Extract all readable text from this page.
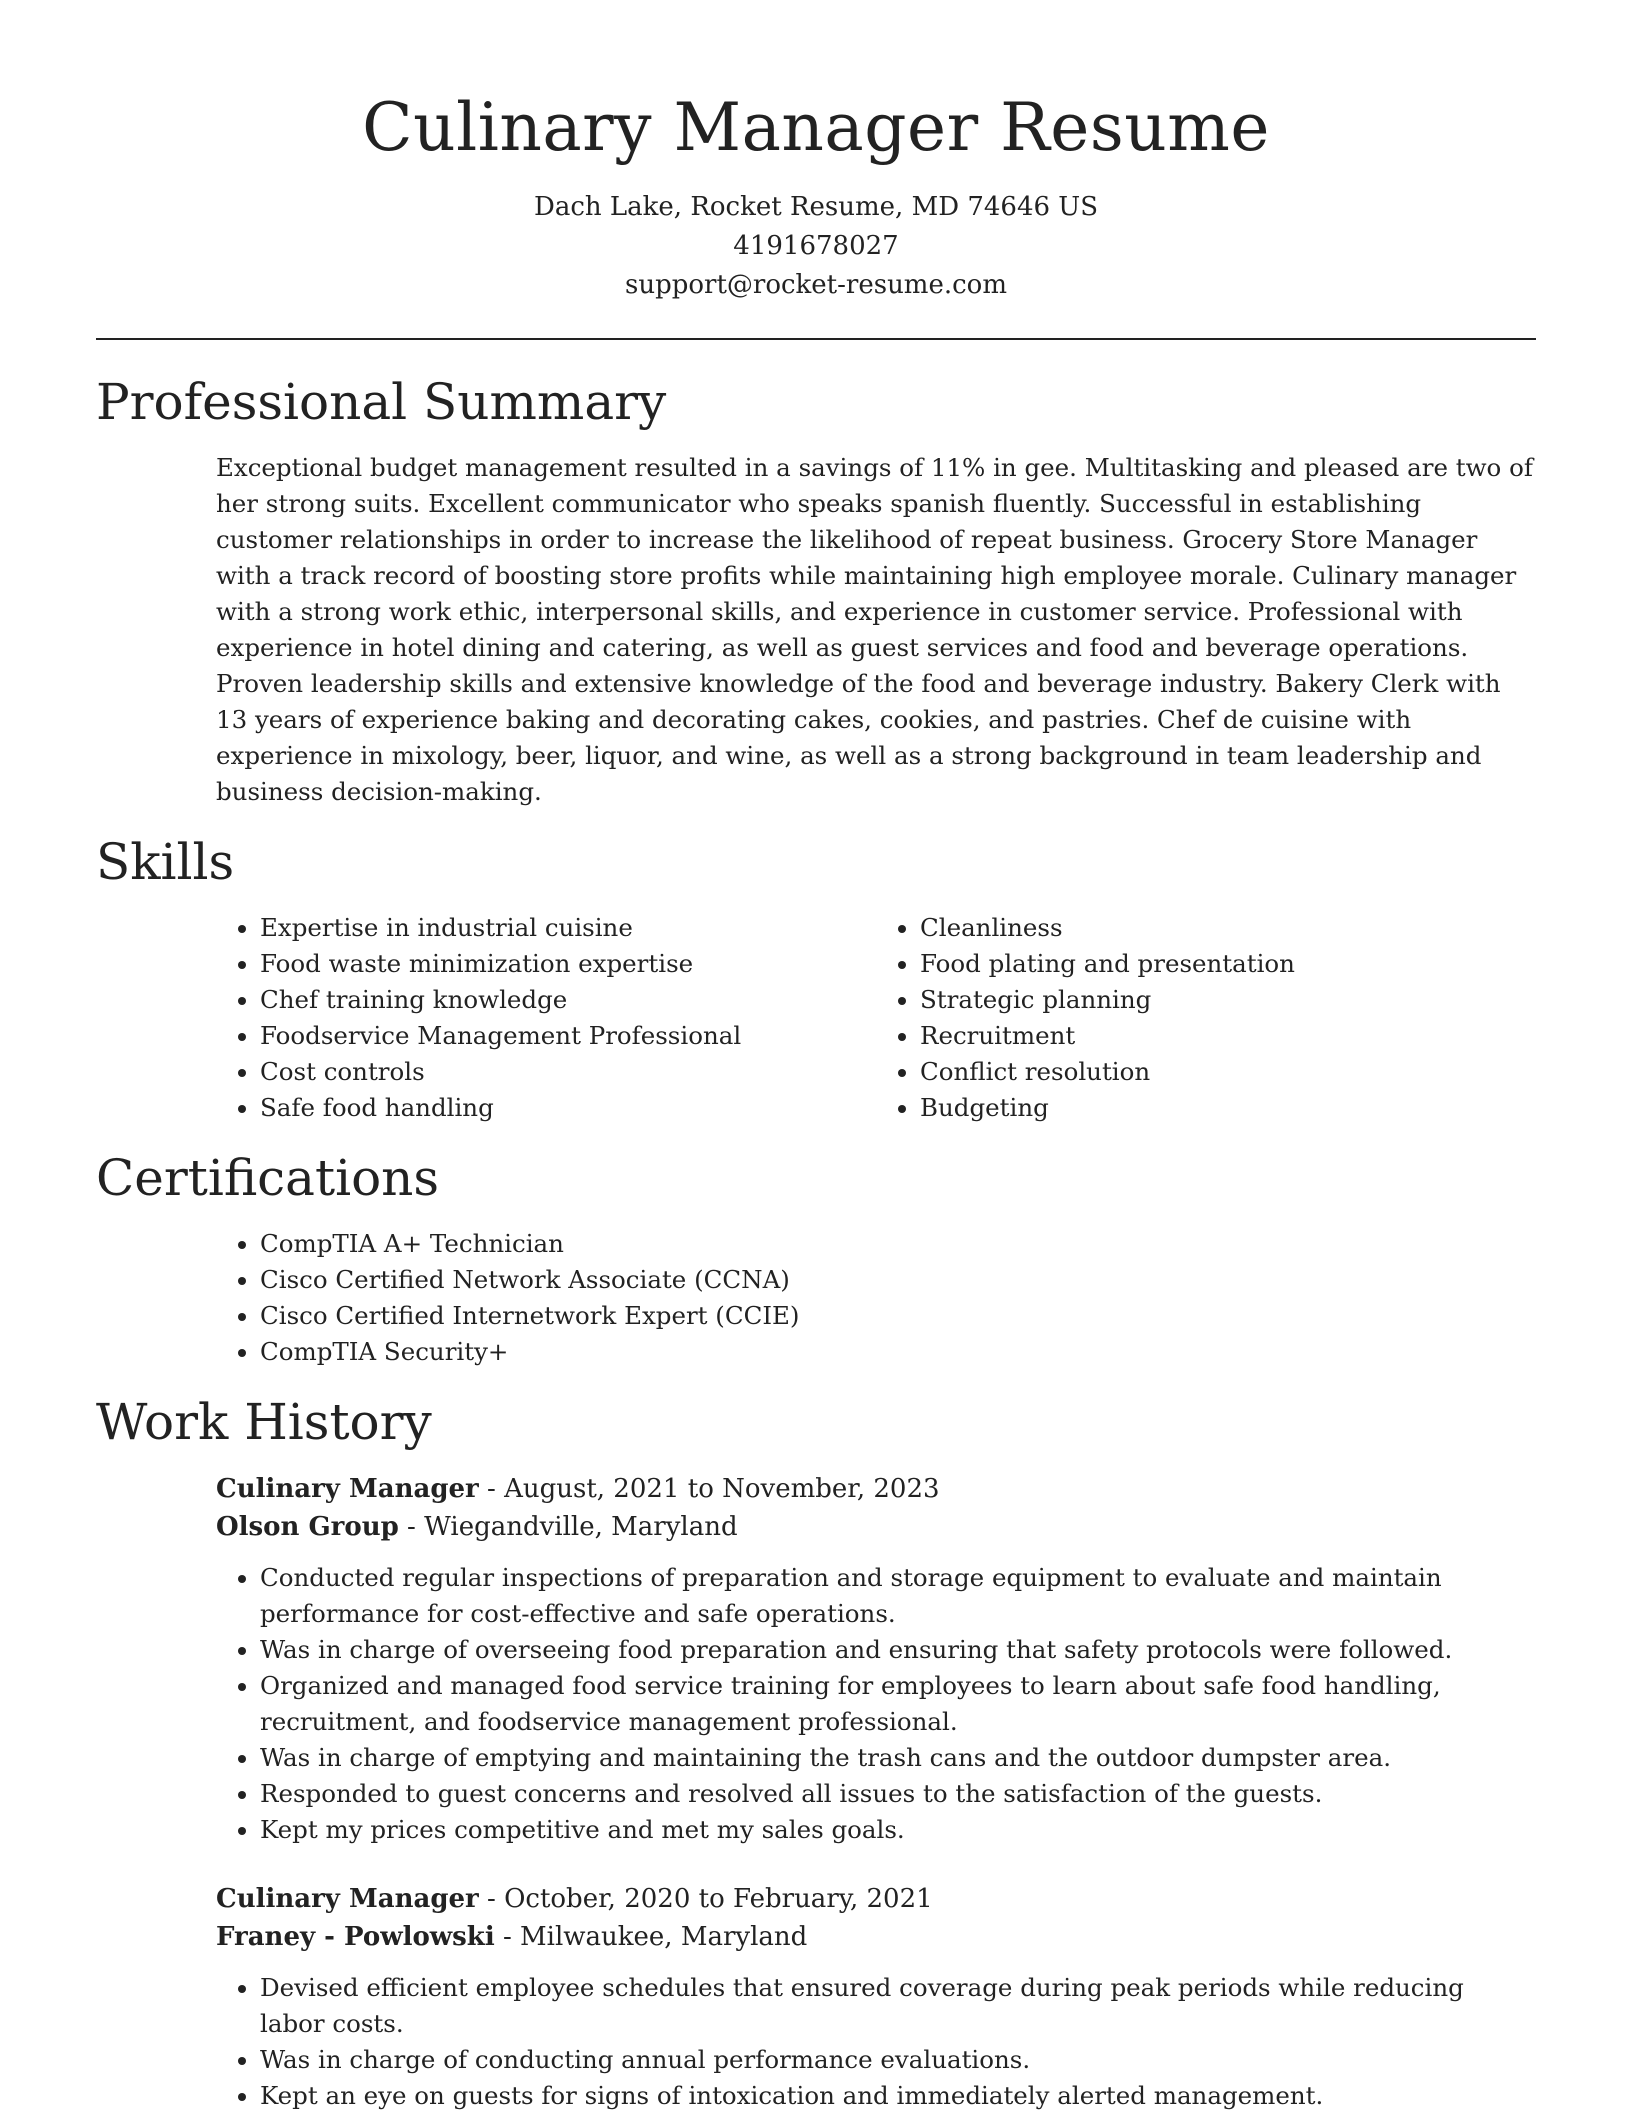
Culinary Manager Resume
Dach Lake, Rocket Resume, MD 74646 US
4191678027
support@rocket-resume.com
Professional Summary

Exceptional budget management resulted in a savings of 11% in gee. Multitasking and pleased are two of her strong suits. Excellent communicator who speaks spanish fluently. Successful in establishing customer relationships in order to increase the likelihood of repeat business. Grocery Store Manager with a track record of boosting store profits while maintaining high employee morale. Culinary manager with a strong work ethic, interpersonal skills, and experience in customer service. Professional with experience in hotel dining and catering, as well as guest services and food and beverage operations. Proven leadership skills and extensive knowledge of the food and beverage industry. Bakery Clerk with 13 years of experience baking and decorating cakes, cookies, and pastries. Chef de cuisine with experience in mixology, beer, liquor, and wine, as well as a strong background in team leadership and business decision-making.

Skills
• Expertise in industrial cuisine
• Food waste minimization expertise
• Chef training knowledge
• Foodservice Management Professional
• Cost controls
• Safe food handling
• Cleanliness
• Food plating and presentation
• Strategic planning
• Recruitment
• Conflict resolution
• Budgeting
Certifications
• CompTIA A+ Technician
• Cisco Certified Network Associate (CCNA)
• Cisco Certified Internetwork Expert (CCIE)
• CompTIA Security+
Work History
Culinary Manager - August, 2021 to November, 2023
Olson Group - Wiegandville, Maryland
• Conducted regular inspections of preparation and storage equipment to evaluate and maintain performance for cost-effective and safe operations.
• Was in charge of overseeing food preparation and ensuring that safety protocols were followed.
• Organized and managed food service training for employees to learn about safe food handling, recruitment, and foodservice management professional.
• Was in charge of emptying and maintaining the trash cans and the outdoor dumpster area.
• Responded to guest concerns and resolved all issues to the satisfaction of the guests.
• Kept my prices competitive and met my sales goals.
Culinary Manager - October, 2020 to February, 2021
Franey - Powlowski - Milwaukee, Maryland
• Devised efficient employee schedules that ensured coverage during peak periods while reducing labor costs.
• Was in charge of conducting annual performance evaluations.
• Kept an eye on guests for signs of intoxication and immediately alerted management.
